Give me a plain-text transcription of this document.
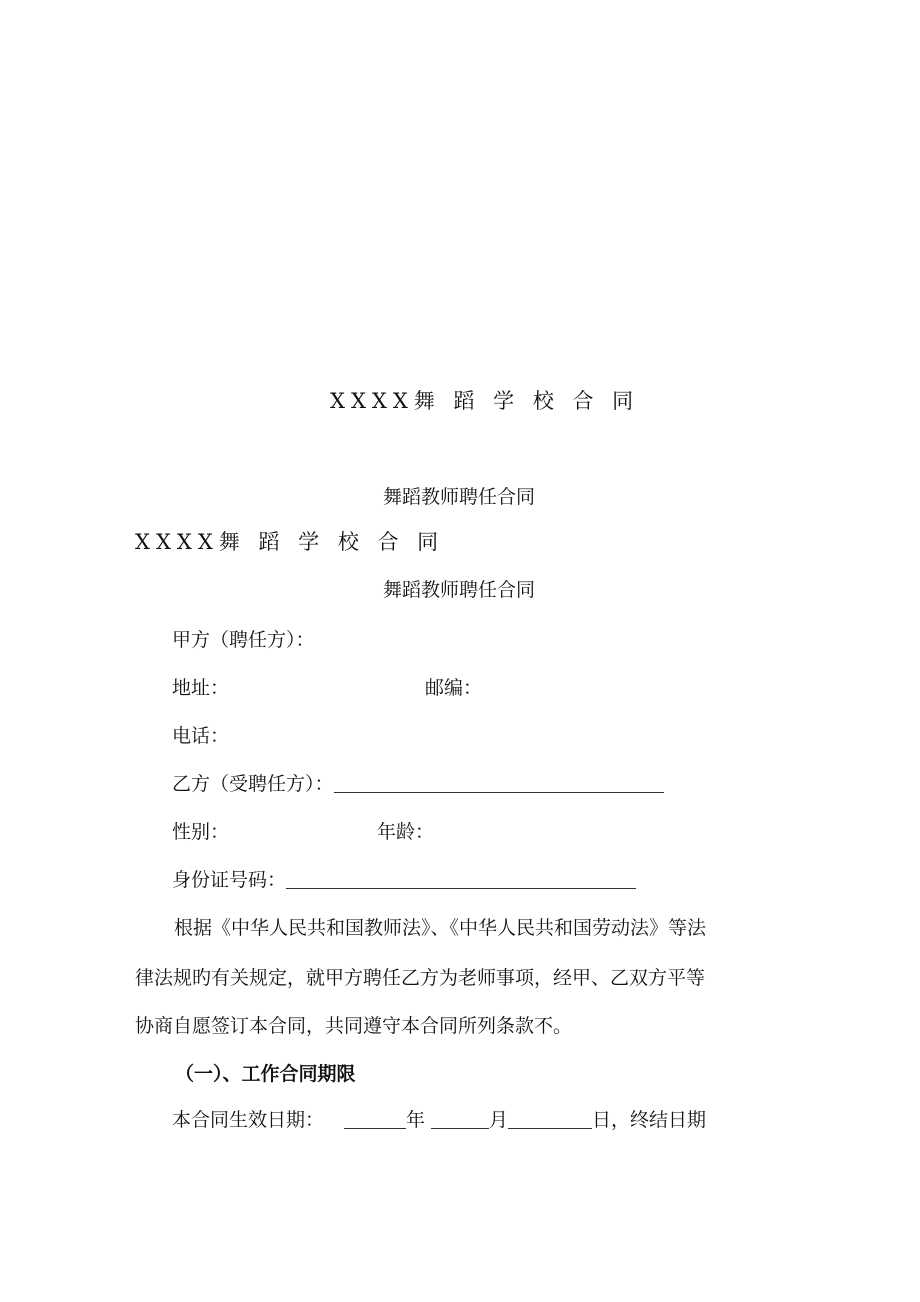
XXXX舞 蹈 学 校 合 同
舞蹈教师聘任合同
XXXX舞 蹈 学 校 合 同
舞蹈教师聘任合同
甲方（聘任方）：
地址：	邮编：
电话：
乙方（受聘任方）：
性别：	年龄：
身份证号码：
根据《中华人民共和国教师法》、《中华人民共和国劳动法》等法
律法规旳有关规定，就甲方聘任乙方为老师事项，经甲、乙双方平等
协商自愿签订本合同，共同遵守本合同所列条款不。
（一）、工作合同期限
本合同生效日期：	年	月	日，终结日期
